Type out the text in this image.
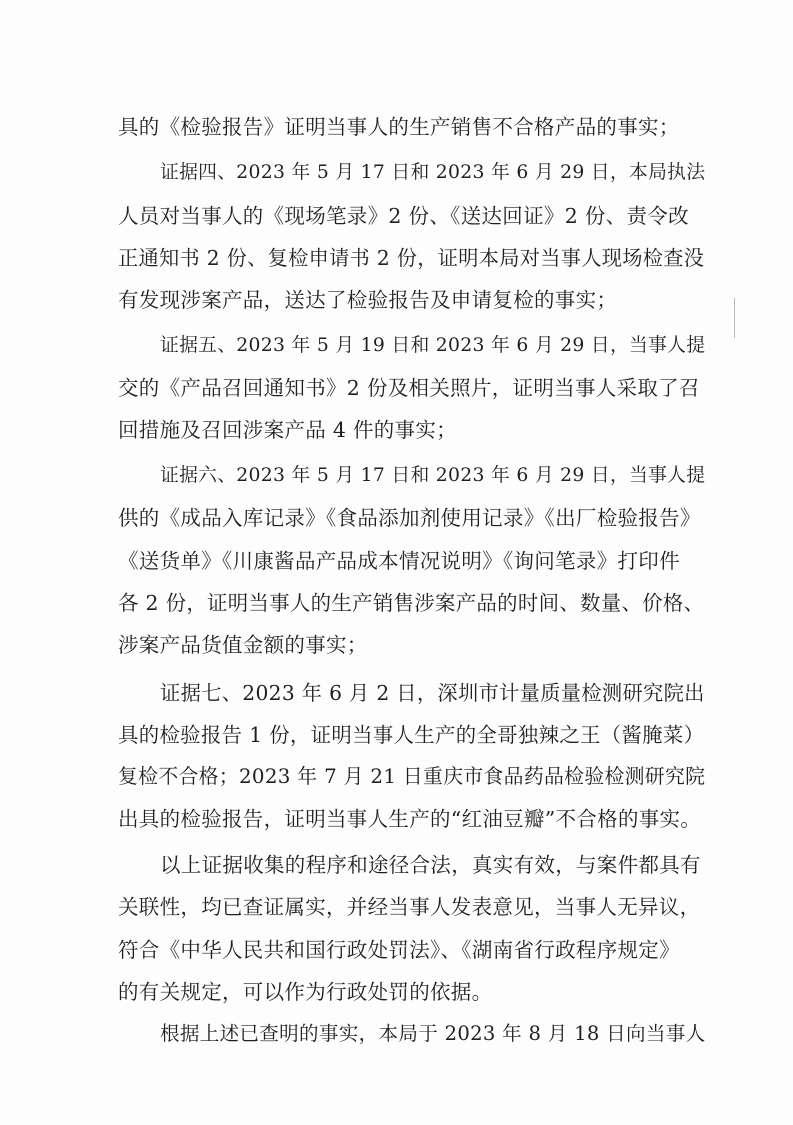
具的《检验报告》证明当事人的生产销售不合格产品的事实；
证据四、2023 年 5 月 17 日和 2023 年 6 月 29 日，本局执法
人员对当事人的《现场笔录》2 份、《送达回证》2 份、责令改
正通知书 2 份、复检申请书 2 份，证明本局对当事人现场检查没
有发现涉案产品，送达了检验报告及申请复检的事实；
证据五、2023 年 5 月 19 日和 2023 年 6 月 29 日，当事人提
交的《产品召回通知书》2 份及相关照片，证明当事人采取了召
回措施及召回涉案产品 4 件的事实；
证据六、2023 年 5 月 17 日和 2023 年 6 月 29 日，当事人提
供的《成品入库记录》《食品添加剂使用记录》《出厂检验报告》
《送货单》《川康酱品产品成本情况说明》《询问笔录》打印件
各 2 份，证明当事人的生产销售涉案产品的时间、数量、价格、
涉案产品货值金额的事实；
证据七、2023 年 6 月 2 日，深圳市计量质量检测研究院出
具的检验报告 1 份，证明当事人生产的全哥独辣之王（酱腌菜）
复检不合格；2023 年 7 月 21 日重庆市食品药品检验检测研究院
出具的检验报告，证明当事人生产的“红油豆瓣”不合格的事实。
以上证据收集的程序和途径合法，真实有效，与案件都具有
关联性，均已查证属实，并经当事人发表意见，当事人无异议，
符合《中华人民共和国行政处罚法》、《湖南省行政程序规定》
的有关规定，可以作为行政处罚的依据。
根据上述已查明的事实，本局于 2023 年 8 月 18 日向当事人
